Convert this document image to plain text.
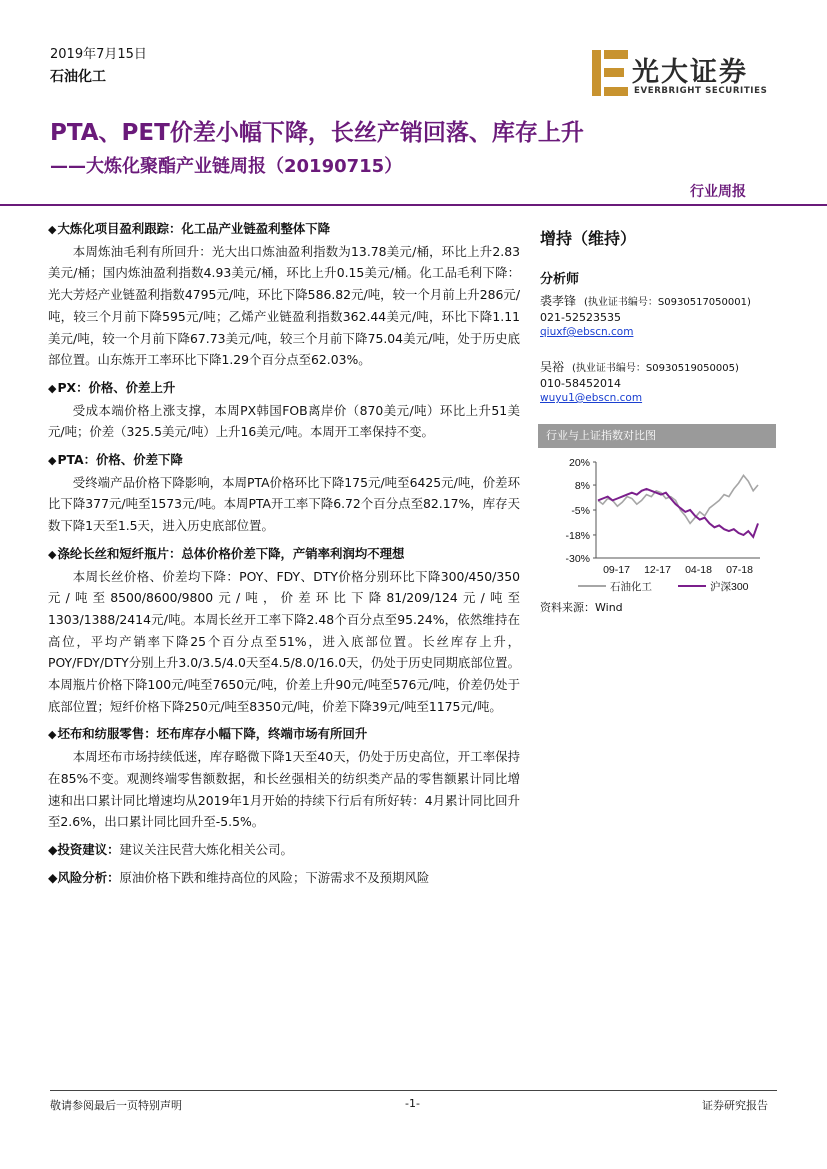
2019年7月15日
石油化工	光大证券
EVERBRIGHT SECURITIES
PTA、PET价差小幅下降，长丝产销回落、库存上升
——大炼化聚酯产业链周报（20190715）
行业周报
◆大炼化项目盈利跟踪：化工品产业链盈利整体下降

本周炼油毛利有所回升：光大出口炼油盈利指数为13.78美元/桶，环比上升2.83美元/桶；国内炼油盈利指数4.93美元/桶，环比上升0.15美元/桶。化工品毛利下降：光大芳烃产业链盈利指数4795元/吨，环比下降586.82元/吨，较一个月前上升286元/吨，较三个月前下降595元/吨；乙烯产业链盈利指数362.44美元/吨，环比下降1.11美元/吨，较一个月前下降67.73美元/吨，较三个月前下降75.04美元/吨，处于历史底部位置。山东炼开工率环比下降1.29个百分点至62.03%。

◆PX：价格、价差上升

受成本端价格上涨支撑，本周PX韩国FOB离岸价（870美元/吨）环比上升51美元/吨；价差（325.5美元/吨）上升16美元/吨。本周开工率保持不变。

◆PTA：价格、价差下降

受终端产品价格下降影响，本周PTA价格环比下降175元/吨至6425元/吨，价差环比下降377元/吨至1573元/吨。本周PTA开工率下降6.72个百分点至82.17%，库存天数下降1天至1.5天，进入历史底部位置。

◆涤纶长丝和短纤瓶片：总体价格价差下降，产销率利润均不理想

本周长丝价格、价差均下降：POY、FDY、DTY价格分别环比下降300/450/350元/吨至8500/8600/9800元/吨，价差环比下降81/209/124元/吨至1303/1388/2414元/吨。本周长丝开工率下降2.48个百分点至95.24%，依然维持在高位，平均产销率下降25个百分点至51%，进入底部位置。长丝库存上升，POY/FDY/DTY分别上升3.0/3.5/4.0天至4.5/8.0/16.0天，仍处于历史同期底部位置。本周瓶片价格下降100元/吨至7650元/吨，价差上升90元/吨至576元/吨，价差仍处于底部位置；短纤价格下降250元/吨至8350元/吨，价差下降39元/吨至1175元/吨。

◆坯布和纺服零售：坯布库存小幅下降，终端市场有所回升

本周坯布市场持续低迷，库存略微下降1天至40天，仍处于历史高位，开工率保持在85%不变。观测终端零售额数据，和长丝强相关的纺织类产品的零售额累计同比增速和出口累计同比增速均从2019年1月开始的持续下行后有所好转：4月累计同比回升至2.6%，出口累计同比回升至-5.5%。

◆投资建议：建议关注民营大炼化相关公司。
◆风险分析：原油价格下跌和维持高位的风险；下游需求不及预期风险
增持（维持）
分析师
裘孝锋 (执业证书编号：S0930517050001)
021-52523535
qiuxf@ebscn.com
吴裕 (执业证书编号：S0930519050005)
010-58452014
wuyu1@ebscn.com
行业与上证指数对比图
20%
8%
-5%
-18%
-30%
09-17 12-17 04-18 07-18
石油化工	沪深300
资料来源：Wind
敬请参阅最后一页特别声明	-1-	证券研究报告
